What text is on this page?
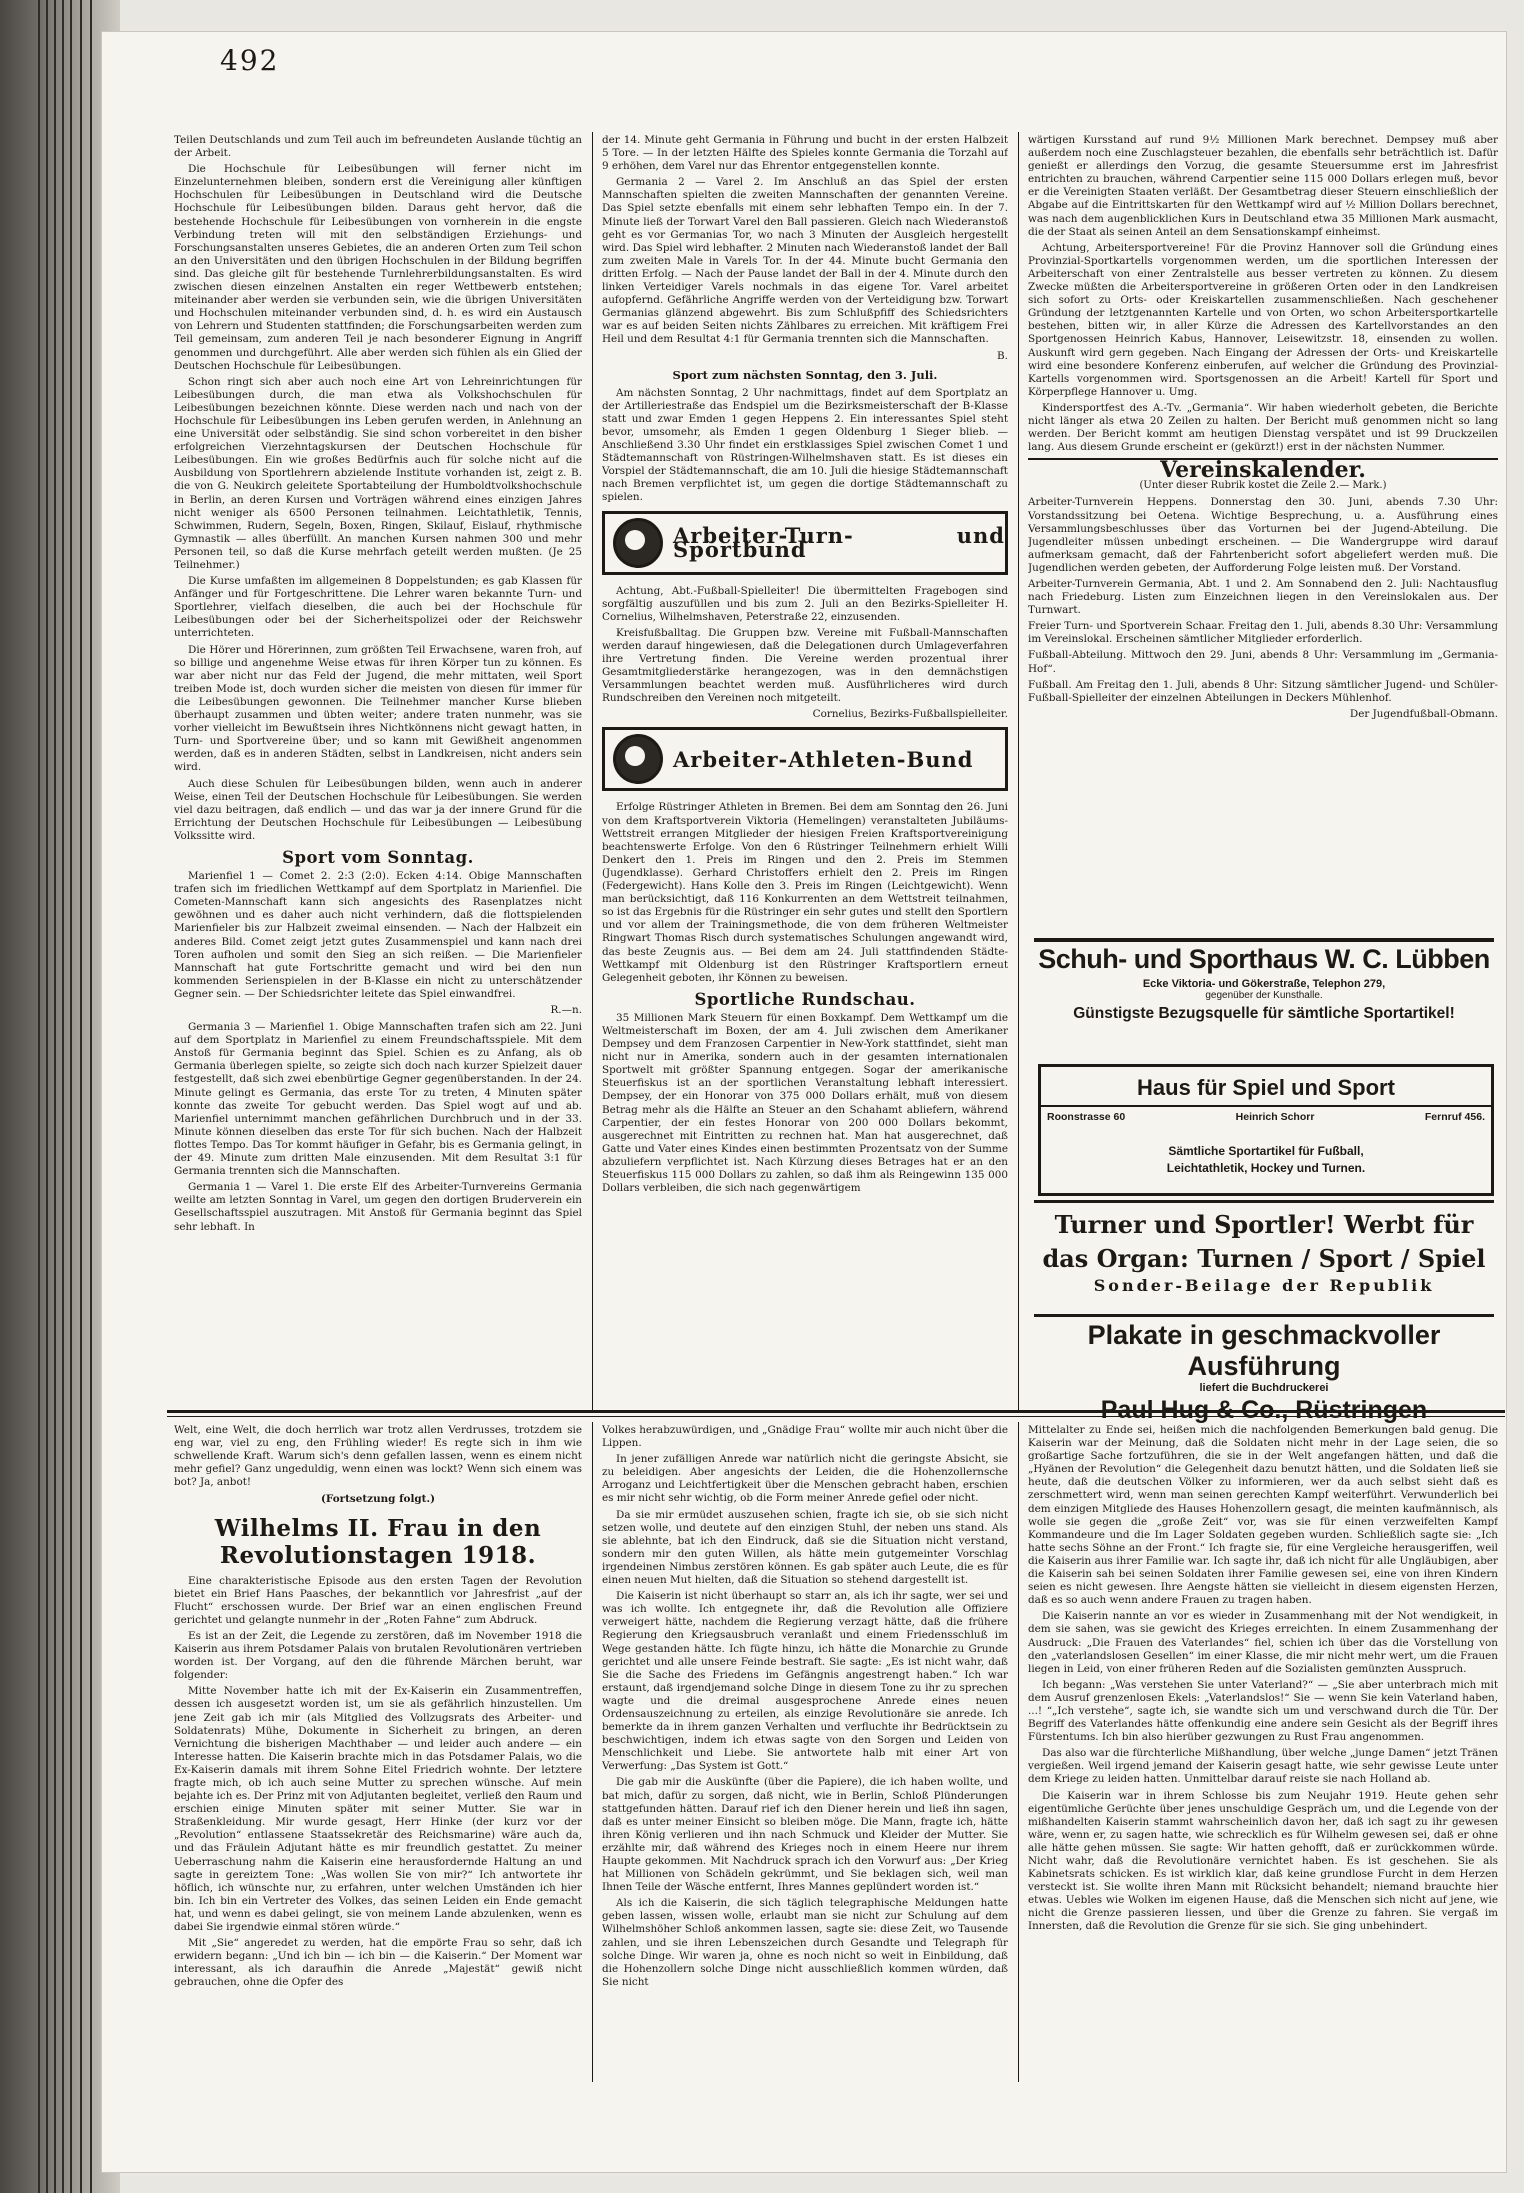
492

Teilen Deutschlands und zum Teil auch im befreundeten Auslande tüchtig an der Arbeit.

Die Hochschule für Leibesübungen will ferner nicht im Einzelunternehmen bleiben, sondern erst die Vereinigung aller künftigen Hochschulen für Leibesübungen in Deutschland wird die Deutsche Hochschule für Leibesübungen bilden. Daraus geht hervor, daß die bestehende Hochschule für Leibesübungen von vornherein in die engste Verbindung treten will mit den selbständigen Erziehungs- und Forschungsanstalten unseres Gebietes, die an anderen Orten zum Teil schon an den Universitäten und den übrigen Hochschulen in der Bildung begriffen sind. Das gleiche gilt für bestehende Turnlehrerbildungsanstalten. Es wird zwischen diesen einzelnen Anstalten ein reger Wettbewerb entstehen; miteinander aber werden sie verbunden sein, wie die übrigen Universitäten und Hochschulen miteinander verbunden sind, d. h. es wird ein Austausch von Lehrern und Studenten stattfinden; die Forschungsarbeiten werden zum Teil gemeinsam, zum anderen Teil je nach besonderer Eignung in Angriff genommen und durchgeführt. Alle aber werden sich fühlen als ein Glied der Deutschen Hochschule für Leibesübungen.

Schon ringt sich aber auch noch eine Art von Lehreinrichtungen für Leibesübungen durch, die man etwa als Volkshochschulen für Leibesübungen bezeichnen könnte. Diese werden nach und nach von der Hochschule für Leibesübungen ins Leben gerufen werden, in Anlehnung an eine Universität oder selbständig. Sie sind schon vorbereitet in den bisher erfolgreichen Vierzehntagskursen der Deutschen Hochschule für Leibesübungen. Ein wie großes Bedürfnis auch für solche nicht auf die Ausbildung von Sportlehrern abzielende Institute vorhanden ist, zeigt z. B. die von G. Neukirch geleitete Sportabteilung der Humboldtvolkshochschule in Berlin, an deren Kursen und Vorträgen während eines einzigen Jahres nicht weniger als 6500 Personen teilnahmen. Leichtathletik, Tennis, Schwimmen, Rudern, Segeln, Boxen, Ringen, Skilauf, Eislauf, rhythmische Gymnastik — alles überfüllt. An manchen Kursen nahmen 300 und mehr Personen teil, so daß die Kurse mehrfach geteilt werden mußten. (Je 25 Teilnehmer.)

Die Kurse umfaßten im allgemeinen 8 Doppelstunden; es gab Klassen für Anfänger und für Fortgeschrittene. Die Lehrer waren bekannte Turn- und Sportlehrer, vielfach dieselben, die auch bei der Hochschule für Leibesübungen oder bei der Sicherheitspolizei oder der Reichswehr unterrichteten.

Die Hörer und Hörerinnen, zum größten Teil Erwachsene, waren froh, auf so billige und angenehme Weise etwas für ihren Körper tun zu können. Es war aber nicht nur das Feld der Jugend, die mehr mittaten, weil Sport treiben Mode ist, doch wurden sicher die meisten von diesen für immer für die Leibesübungen gewonnen. Die Teilnehmer mancher Kurse blieben überhaupt zusammen und übten weiter; andere traten nunmehr, was sie vorher vielleicht im Bewußtsein ihres Nichtkönnens nicht gewagt hatten, in Turn- und Sportvereine über; und so kann mit Gewißheit angenommen werden, daß es in anderen Städten, selbst in Landkreisen, nicht anders sein wird.

Auch diese Schulen für Leibesübungen bilden, wenn auch in anderer Weise, einen Teil der Deutschen Hochschule für Leibesübungen. Sie werden viel dazu beitragen, daß endlich — und das war ja der innere Grund für die Errichtung der Deutschen Hochschule für Leibesübungen — Leibesübung Volkssitte wird.

Sport vom Sonntag.

Marienfiel 1 — Comet 2. 2:3 (2:0). Ecken 4:14. Obige Mannschaften trafen sich im friedlichen Wettkampf auf dem Sportplatz in Marienfiel. Die Cometen-Mannschaft kann sich angesichts des Rasenplatzes nicht gewöhnen und es daher auch nicht verhindern, daß die flottspielenden Marienfieler bis zur Halbzeit zweimal einsenden. — Nach der Halbzeit ein anderes Bild. Comet zeigt jetzt gutes Zusammenspiel und kann nach drei Toren aufholen und somit den Sieg an sich reißen. — Die Marienfieler Mannschaft hat gute Fortschritte gemacht und wird bei den nun kommenden Serienspielen in der B-Klasse ein nicht zu unterschätzender Gegner sein. — Der Schiedsrichter leitete das Spiel einwandfrei.

R.—n.

Germania 3 — Marienfiel 1. Obige Mannschaften trafen sich am 22. Juni auf dem Sportplatz in Marienfiel zu einem Freundschaftsspiele. Mit dem Anstoß für Germania beginnt das Spiel. Schien es zu Anfang, als ob Germania überlegen spielte, so zeigte sich doch nach kurzer Spielzeit dauer festgestellt, daß sich zwei ebenbürtige Gegner gegenüberstanden. In der 24. Minute gelingt es Germania, das erste Tor zu treten, 4 Minuten später konnte das zweite Tor gebucht werden. Das Spiel wogt auf und ab. Marienfiel unternimmt manchen gefährlichen Durchbruch und in der 33. Minute können dieselben das erste Tor für sich buchen. Nach der Halbzeit flottes Tempo. Das Tor kommt häufiger in Gefahr, bis es Germania gelingt, in der 49. Minute zum dritten Male einzusenden. Mit dem Resultat 3:1 für Germania trennten sich die Mannschaften.

Germania 1 — Varel 1. Die erste Elf des Arbeiter-Turnvereins Germania weilte am letzten Sonntag in Varel, um gegen den dortigen Bruderverein ein Gesellschaftsspiel auszutragen. Mit Anstoß für Germania beginnt das Spiel sehr lebhaft. In

der 14. Minute geht Germania in Führung und bucht in der ersten Halbzeit 5 Tore. — In der letzten Hälfte des Spieles konnte Germania die Torzahl auf 9 erhöhen, dem Varel nur das Ehrentor entgegenstellen konnte.

Germania 2 — Varel 2. Im Anschluß an das Spiel der ersten Mannschaften spielten die zweiten Mannschaften der genannten Vereine. Das Spiel setzte ebenfalls mit einem sehr lebhaften Tempo ein. In der 7. Minute ließ der Torwart Varel den Ball passieren. Gleich nach Wiederanstoß geht es vor Germanias Tor, wo nach 3 Minuten der Ausgleich hergestellt wird. Das Spiel wird lebhafter. 2 Minuten nach Wiederanstoß landet der Ball zum zweiten Male in Varels Tor. In der 44. Minute bucht Germania den dritten Erfolg. — Nach der Pause landet der Ball in der 4. Minute durch den linken Verteidiger Varels nochmals in das eigene Tor. Varel arbeitet aufopfernd. Gefährliche Angriffe werden von der Verteidigung bzw. Torwart Germanias glänzend abgewehrt. Bis zum Schlußpfiff des Schiedsrichters war es auf beiden Seiten nichts Zählbares zu erreichen. Mit kräftigem Frei Heil und dem Resultat 4:1 für Germania trennten sich die Mannschaften.

B.
Sport zum nächsten Sonntag, den 3. Juli.

Am nächsten Sonntag, 2 Uhr nachmittags, findet auf dem Sportplatz an der Artilleriestraße das Endspiel um die Bezirksmeisterschaft der B-Klasse statt und zwar Emden 1 gegen Heppens 2. Ein interessantes Spiel steht bevor, umsomehr, als Emden 1 gegen Oldenburg 1 Sieger blieb. — Anschließend 3.30 Uhr findet ein erstklassiges Spiel zwischen Comet 1 und Städtemannschaft von Rüstringen-Wilhelmshaven statt. Es ist dieses ein Vorspiel der Städtemannschaft, die am 10. Juli die hiesige Städtemannschaft nach Bremen verpflichtet ist, um gegen die dortige Städtemannschaft zu spielen.

Arbeiter-Turn- und Sportbund

Achtung, Abt.-Fußball-Spielleiter! Die übermittelten Fragebogen sind sorgfältig auszufüllen und bis zum 2. Juli an den Bezirks-Spielleiter H. Cornelius, Wilhelmshaven, Peterstraße 22, einzusenden.

Kreisfußballtag. Die Gruppen bzw. Vereine mit Fußball-Mannschaften werden darauf hingewiesen, daß die Delegationen durch Umlageverfahren ihre Vertretung finden. Die Vereine werden prozentual ihrer Gesamtmitgliederstärke herangezogen, was in den demnächstigen Versammlungen beachtet werden muß. Ausführlicheres wird durch Rundschreiben den Vereinen noch mitgeteilt.

Cornelius, Bezirks-Fußballspielleiter.
Arbeiter-Athleten-Bund

Erfolge Rüstringer Athleten in Bremen. Bei dem am Sonntag den 26. Juni von dem Kraftsportverein Viktoria (Hemelingen) veranstalteten Jubiläums-Wettstreit errangen Mitglieder der hiesigen Freien Kraftsportvereinigung beachtenswerte Erfolge. Von den 6 Rüstringer Teilnehmern erhielt Willi Denkert den 1. Preis im Ringen und den 2. Preis im Stemmen (Jugendklasse). Gerhard Christoffers erhielt den 2. Preis im Ringen (Federgewicht). Hans Kolle den 3. Preis im Ringen (Leichtgewicht). Wenn man berücksichtigt, daß 116 Konkurrenten an dem Wettstreit teilnahmen, so ist das Ergebnis für die Rüstringer ein sehr gutes und stellt den Sportlern und vor allem der Trainingsmethode, die von dem früheren Weltmeister Ringwart Thomas Risch durch systematisches Schulungen angewandt wird, das beste Zeugnis aus. — Bei dem am 24. Juli stattfindenden Städte-Wettkampf mit Oldenburg ist den Rüstringer Kraftsportlern erneut Gelegenheit geboten, ihr Können zu beweisen.

Sportliche Rundschau.

35 Millionen Mark Steuern für einen Boxkampf. Dem Wettkampf um die Weltmeisterschaft im Boxen, der am 4. Juli zwischen dem Amerikaner Dempsey und dem Franzosen Carpentier in New-York stattfindet, sieht man nicht nur in Amerika, sondern auch in der gesamten internationalen Sportwelt mit größter Spannung entgegen. Sogar der amerikanische Steuerfiskus ist an der sportlichen Veranstaltung lebhaft interessiert. Dempsey, der ein Honorar von 375 000 Dollars erhält, muß von diesem Betrag mehr als die Hälfte an Steuer an den Schahamt abliefern, während Carpentier, der ein festes Honorar von 200 000 Dollars bekommt, ausgerechnet mit Eintritten zu rechnen hat. Man hat ausgerechnet, daß Gatte und Vater eines Kindes einen bestimmten Prozentsatz von der Summe abzuliefern verpflichtet ist. Nach Kürzung dieses Betrages hat er an den Steuerfiskus 115 000 Dollars zu zahlen, so daß ihm als Reingewinn 135 000 Dollars verbleiben, die sich nach gegenwärtigem

wärtigen Kursstand auf rund 9½ Millionen Mark berechnet. Dempsey muß aber außerdem noch eine Zuschlagsteuer bezahlen, die ebenfalls sehr beträchtlich ist. Dafür genießt er allerdings den Vorzug, die gesamte Steuersumme erst im Jahresfrist entrichten zu brauchen, während Carpentier seine 115 000 Dollars erlegen muß, bevor er die Vereinigten Staaten verläßt. Der Gesamtbetrag dieser Steuern einschließlich der Abgabe auf die Eintrittskarten für den Wettkampf wird auf ½ Million Dollars berechnet, was nach dem augenblicklichen Kurs in Deutschland etwa 35 Millionen Mark ausmacht, die der Staat als seinen Anteil an dem Sensationskampf einheimst.

Achtung, Arbeitersportvereine! Für die Provinz Hannover soll die Gründung eines Provinzial-Sportkartells vorgenommen werden, um die sportlichen Interessen der Arbeiterschaft von einer Zentralstelle aus besser vertreten zu können. Zu diesem Zwecke müßten die Arbeitersportvereine in größeren Orten oder in den Landkreisen sich sofort zu Orts- oder Kreiskartellen zusammenschließen. Nach geschehener Gründung der letztgenannten Kartelle und von Orten, wo schon Arbeitersportkartelle bestehen, bitten wir, in aller Kürze die Adressen des Kartellvorstandes an den Sportgenossen Heinrich Kabus, Hannover, Leisewitzstr. 18, einsenden zu wollen. Auskunft wird gern gegeben. Nach Eingang der Adressen der Orts- und Kreiskartelle wird eine besondere Konferenz einberufen, auf welcher die Gründung des Provinzial-Kartells vorgenommen wird. Sportsgenossen an die Arbeit! Kartell für Sport und Körperpflege Hannover u. Umg.

Kindersportfest des A.-Tv. „Germania“. Wir haben wiederholt gebeten, die Berichte nicht länger als etwa 20 Zeilen zu halten. Der Bericht muß genommen nicht so lang werden. Der Bericht kommt am heutigen Dienstag verspätet und ist 99 Druckzeilen lang. Aus diesem Grunde erscheint er (gekürzt!) erst in der nächsten Nummer.

Vereinskalender.
(Unter dieser Rubrik kostet die Zeile 2.— Mark.)

Arbeiter-Turnverein Heppens. Donnerstag den 30. Juni, abends 7.30 Uhr: Vorstandssitzung bei Oetena. Wichtige Besprechung, u. a. Ausführung eines Versammlungsbeschlusses über das Vorturnen bei der Jugend-Abteilung. Die Jugendleiter müssen unbedingt erscheinen. — Die Wandergruppe wird darauf aufmerksam gemacht, daß der Fahrtenbericht sofort abgeliefert werden muß. Die Jugendlichen werden gebeten, der Aufforderung Folge leisten muß. Der Vorstand.

Arbeiter-Turnverein Germania, Abt. 1 und 2. Am Sonnabend den 2. Juli: Nachtausflug nach Friedeburg. Listen zum Einzeichnen liegen in den Vereinslokalen aus. Der Turnwart.

Freier Turn- und Sportverein Schaar. Freitag den 1. Juli, abends 8.30 Uhr: Versammlung im Vereinslokal. Erscheinen sämtlicher Mitglieder erforderlich.

Fußball-Abteilung. Mittwoch den 29. Juni, abends 8 Uhr: Versammlung im „Germania-Hof“.

Fußball. Am Freitag den 1. Juli, abends 8 Uhr: Sitzung sämtlicher Jugend- und Schüler-Fußball-Spielleiter der einzelnen Abteilungen in Deckers Mühlenhof.

Der Jugendfußball-Obmann.
Schuh- und Sporthaus W. C. Lübben
Ecke Viktoria- und Gökerstraße, Telephon 279,
gegenüber der Kunsthalle.
Günstigste Bezugsquelle für sämtliche Sportartikel!
Haus für Spiel und Sport
Roonstrasse 60	Heinrich Schorr	Fernruf 456.
Sämtliche Sportartikel für Fußball,
Leichtathletik, Hockey und Turnen.
Turner und Sportler! Werbt für
das Organ: Turnen / Sport / Spiel
Sonder-Beilage der Republik
Plakate in geschmackvoller Ausführung
liefert die Buchdruckerei
Paul Hug & Co., Rüstringen

Welt, eine Welt, die doch herrlich war trotz allen Verdrusses, trotzdem sie eng war, viel zu eng, den Frühling wieder! Es regte sich in ihm wie schwellende Kraft. Warum sich's denn gefallen lassen, wenn es einem nicht mehr gefiel? Ganz ungeduldig, wenn einen was lockt? Wenn sich einem was bot? Ja, anbot!

(Fortsetzung folgt.)
Wilhelms II. Frau in den Revolutionstagen 1918.

Eine charakteristische Episode aus den ersten Tagen der Revolution bietet ein Brief Hans Paasches, der bekanntlich vor Jahresfrist „auf der Flucht“ erschossen wurde. Der Brief war an einen englischen Freund gerichtet und gelangte nunmehr in der „Roten Fahne“ zum Abdruck.

Es ist an der Zeit, die Legende zu zerstören, daß im November 1918 die Kaiserin aus ihrem Potsdamer Palais von brutalen Revolutionären vertrieben worden ist. Der Vorgang, auf den die führende Märchen beruht, war folgender:

Mitte November hatte ich mit der Ex-Kaiserin ein Zusammentreffen, dessen ich ausgesetzt worden ist, um sie als gefährlich hinzustellen. Um jene Zeit gab ich mir (als Mitglied des Vollzugsrats des Arbeiter- und Soldatenrats) Mühe, Dokumente in Sicherheit zu bringen, an deren Vernichtung die bisherigen Machthaber — und leider auch andere — ein Interesse hatten. Die Kaiserin brachte mich in das Potsdamer Palais, wo die Ex-Kaiserin damals mit ihrem Sohne Eitel Friedrich wohnte. Der letztere fragte mich, ob ich auch seine Mutter zu sprechen wünsche. Auf mein bejahte ich es. Der Prinz mit von Adjutanten begleitet, verließ den Raum und erschien einige Minuten später mit seiner Mutter. Sie war in Straßenkleidung. Mir wurde gesagt, Herr Hinke (der kurz vor der „Revolution“ entlassene Staatssekretär des Reichsmarine) wäre auch da, und das Fräulein Adjutant hätte es mir freundlich gestattet. Zu meiner Ueberraschung nahm die Kaiserin eine herausfordernde Haltung an und sagte in gereiztem Tone: „Was wollen Sie von mir?“ Ich antwortete ihr höflich, ich wünschte nur, zu erfahren, unter welchen Umständen ich hier bin. Ich bin ein Vertreter des Volkes, das seinen Leiden ein Ende gemacht hat, und wenn es dabei gelingt, sie von meinem Lande abzulenken, wenn es dabei Sie irgendwie einmal stören würde.“

Mit „Sie“ angeredet zu werden, hat die empörte Frau so sehr, daß ich erwidern begann: „Und ich bin — ich bin — die Kaiserin.“ Der Moment war interessant, als ich daraufhin die Anrede „Majestät“ gewiß nicht gebrauchen, ohne die Opfer des

Volkes herabzuwürdigen, und „Gnädige Frau“ wollte mir auch nicht über die Lippen.

In jener zufälligen Anrede war natürlich nicht die geringste Absicht, sie zu beleidigen. Aber angesichts der Leiden, die die Hohenzollernsche Arroganz und Leichtfertigkeit über die Menschen gebracht haben, erschien es mir nicht sehr wichtig, ob die Form meiner Anrede gefiel oder nicht.

Da sie mir ermüdet auszusehen schien, fragte ich sie, ob sie sich nicht setzen wolle, und deutete auf den einzigen Stuhl, der neben uns stand. Als sie ablehnte, bat ich den Eindruck, daß sie die Situation nicht verstand, sondern mir den guten Willen, als hätte mein gutgemeinter Vorschlag irgendeinen Nimbus zerstören können. Es gab später auch Leute, die es für einen neuen Mut hielten, daß die Situation so stehend dargestellt ist.

Die Kaiserin ist nicht überhaupt so starr an, als ich ihr sagte, wer sei und was ich wollte. Ich entgegnete ihr, daß die Revolution alle Offiziere verweigert hätte, nachdem die Regierung verzagt hätte, daß die frühere Regierung den Kriegsausbruch veranlaßt und einem Friedensschluß im Wege gestanden hätte. Ich fügte hinzu, ich hätte die Monarchie zu Grunde gerichtet und alle unsere Feinde bestraft. Sie sagte: „Es ist nicht wahr, daß Sie die Sache des Friedens im Gefängnis angestrengt haben.“ Ich war erstaunt, daß irgendjemand solche Dinge in diesem Tone zu ihr zu sprechen wagte und die dreimal ausgesprochene Anrede eines neuen Ordensauszeichnung zu erteilen, als einzige Revolutionäre sie anrede. Ich bemerkte da in ihrem ganzen Verhalten und verfluchte ihr Bedrücktsein zu beschwichtigen, indem ich etwas sagte von den Sorgen und Leiden von Menschlichkeit und Liebe. Sie antwortete halb mit einer Art von Verwerfung: „Das System ist Gott.“

Die gab mir die Auskünfte (über die Papiere), die ich haben wollte, und bat mich, dafür zu sorgen, daß nicht, wie in Berlin, Schloß Plünderungen stattgefunden hätten. Darauf rief ich den Diener herein und ließ ihn sagen, daß es unter meiner Einsicht so bleiben möge. Die Mann, fragte ich, hätte ihren König verlieren und ihn nach Schmuck und Kleider der Mutter. Sie erzählte mir, daß während des Krieges noch in einem Heere nur ihrem Haupte gekommen. Mit Nachdruck sprach ich den Vorwurf aus: „Der Krieg hat Millionen von Schädeln gekrümmt, und Sie beklagen sich, weil man Ihnen Teile der Wäsche entfernt, Ihres Mannes geplündert worden ist.“

Als ich die Kaiserin, die sich täglich telegraphische Meldungen hatte geben lassen, wissen wolle, erlaubt man sie nicht zur Schulung auf dem Wilhelmshöher Schloß ankommen lassen, sagte sie: diese Zeit, wo Tausende zahlen, und sie ihren Lebenszeichen durch Gesandte und Telegraph für solche Dinge. Wir waren ja, ohne es noch nicht so weit in Einbildung, daß die Hohenzollern solche Dinge nicht ausschließlich kommen würden, daß Sie nicht

Mittelalter zu Ende sei, heißen mich die nachfolgenden Bemerkungen bald genug. Die Kaiserin war der Meinung, daß die Soldaten nicht mehr in der Lage seien, die so großartige Sache fortzuführen, die sie in der Welt angefangen hätten, und daß die „Hyänen der Revolution“ die Gelegenheit dazu benutzt hätten, und die Soldaten ließ sie heute, daß die deutschen Völker zu informieren, wer da auch selbst sieht daß es zerschmettert wird, wenn man seinen gerechten Kampf weiterführt. Verwunderlich bei dem einzigen Mitgliede des Hauses Hohenzollern gesagt, die meinten kaufmännisch, als wolle sie gegen die „große Zeit“ vor, was sie für einen verzweifelten Kampf Kommandeure und die Im Lager Soldaten gegeben wurden. Schließlich sagte sie: „Ich hatte sechs Söhne an der Front.“ Ich fragte sie, für eine Vergleiche herausgeriffen, weil die Kaiserin aus ihrer Familie war. Ich sagte ihr, daß ich nicht für alle Ungläubigen, aber die Kaiserin sah bei seinen Soldaten ihrer Familie gewesen sei, eine von ihren Kindern seien es nicht gewesen. Ihre Aengste hätten sie vielleicht in diesem eigensten Herzen, daß es so auch wenn andere Frauen zu tragen haben.

Die Kaiserin nannte an vor es wieder in Zusammenhang mit der Not wendigkeit, in dem sie sahen, was sie gewicht des Krieges erreichten. In einem Zusammenhang der Ausdruck: „Die Frauen des Vaterlandes“ fiel, schien ich über das die Vorstellung von den „vaterlandslosen Gesellen“ im einer Klasse, die mir nicht mehr wert, um die Frauen liegen in Leid, von einer früheren Reden auf die Sozialisten gemünzten Ausspruch.

Ich begann: „Was verstehen Sie unter Vaterland?“ — „Sie aber unterbrach mich mit dem Ausruf grenzenlosen Ekels: „Vaterlandslos!“ Sie — wenn Sie kein Vaterland haben, ...! “„Ich verstehe“, sagte ich, sie wandte sich um und verschwand durch die Tür. Der Begriff des Vaterlandes hätte offenkundig eine andere sein Gesicht als der Begriff ihres Fürstentums. Ich bin also hierüber gezwungen zu Rust Frau angenommen.

Das also war die fürchterliche Mißhandlung, über welche „junge Damen“ jetzt Tränen vergießen. Weil irgend jemand der Kaiserin gesagt hatte, wie sehr gewisse Leute unter dem Kriege zu leiden hatten. Unmittelbar darauf reiste sie nach Holland ab.

Die Kaiserin war in ihrem Schlosse bis zum Neujahr 1919. Heute gehen sehr eigentümliche Gerüchte über jenes unschuldige Gespräch um, und die Legende von der mißhandelten Kaiserin stammt wahrscheinlich davon her, daß ich sagt zu ihr gewesen wäre, wenn er, zu sagen hatte, wie schrecklich es für Wilhelm gewesen sei, daß er ohne alle hätte gehen müssen. Sie sagte: Wir hatten gehofft, daß er zurückkommen würde. Nicht wahr, daß die Revolutionäre vernichtet haben. Es ist geschehen. Sie als Kabinetsrats schicken. Es ist wirklich klar, daß keine grundlose Furcht in dem Herzen versteckt ist. Sie wollte ihren Mann mit Rücksicht behandelt; niemand brauchte hier etwas. Uebles wie Wolken im eigenen Hause, daß die Menschen sich nicht auf jene, wie nicht die Grenze passieren liessen, und über die Grenze zu fahren. Sie vergaß im Innersten, daß die Revolution die Grenze für sie sich. Sie ging unbehindert.
